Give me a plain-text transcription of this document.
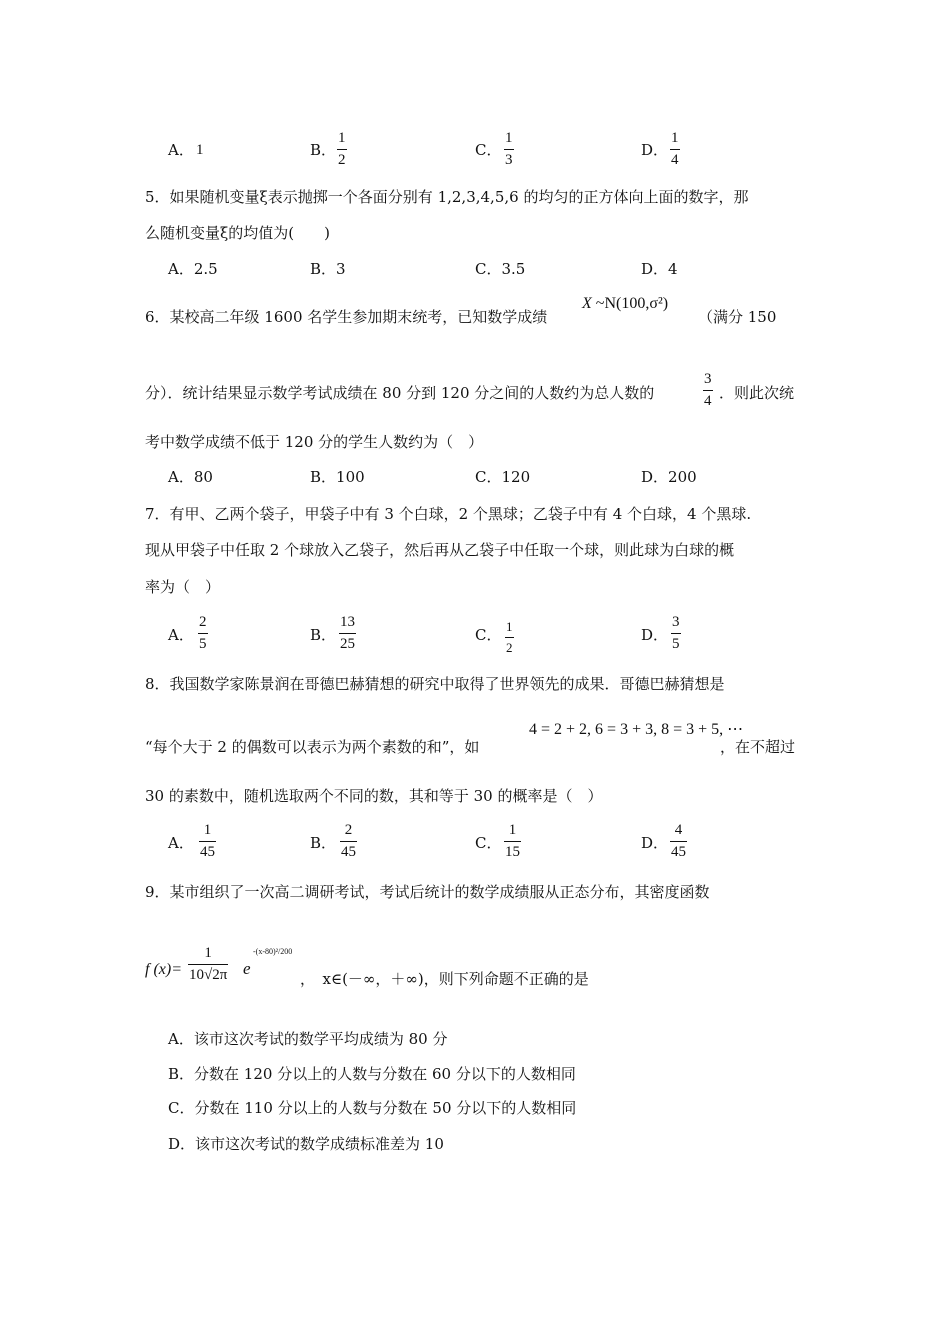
A． 1	B．
1
2
C．
1
3
D．
1
4
5．如果随机变量ξ表示抛掷一个各面分别有 1,2,3,4,5,6 的均匀的正方体向上面的数字，那
么随机变量ξ的均值为(　　)
A．2.5	B．3	C．3.5	D．4
6．某校高二年级 1600 名学生参加期末统考，已知数学成绩
X ~N(100,σ²)
（满分 150
分）．统计结果显示数学考试成绩在 80 分到 120 分之间的人数约为总人数的
3
4 ．则此次统
考中数学成绩不低于 120 分的学生人数约为（　）
A．80	B．100	C．120	D．200
7．有甲、乙两个袋子，甲袋子中有 3 个白球，2 个黑球；乙袋子中有 4 个白球，4 个黑球.
现从甲袋子中任取 2 个球放入乙袋子，然后再从乙袋子中任取一个球，则此球为白球的概
率为（　）
A．
2
5	B．
13
25	C． 1
2
D．
3
5
8．我国数学家陈景润在哥德巴赫猜想的研究中取得了世界领先的成果．哥德巴赫猜想是
4 = 2 + 2, 6 = 3 + 3, 8 = 3 + 5, ⋯
“每个大于 2 的偶数可以表示为两个素数的和”，如	，在不超过
30 的素数中，随机选取两个不同的数，其和等于 30 的概率是（　）
A．
1
45	B．
2
45	C．
1
15	D．
4
45
9．某市组织了一次高二调研考试，考试后统计的数学成绩服从正态分布，其密度函数
f (x)=
1
10√2π e
-(x-80)²/200
，　x∈(－∞，＋∞)，则下列命题不正确的是
A．该市这次考试的数学平均成绩为 80 分
B．分数在 120 分以上的人数与分数在 60 分以下的人数相同
C．分数在 110 分以上的人数与分数在 50 分以下的人数相同
D．该市这次考试的数学成绩标准差为 10
